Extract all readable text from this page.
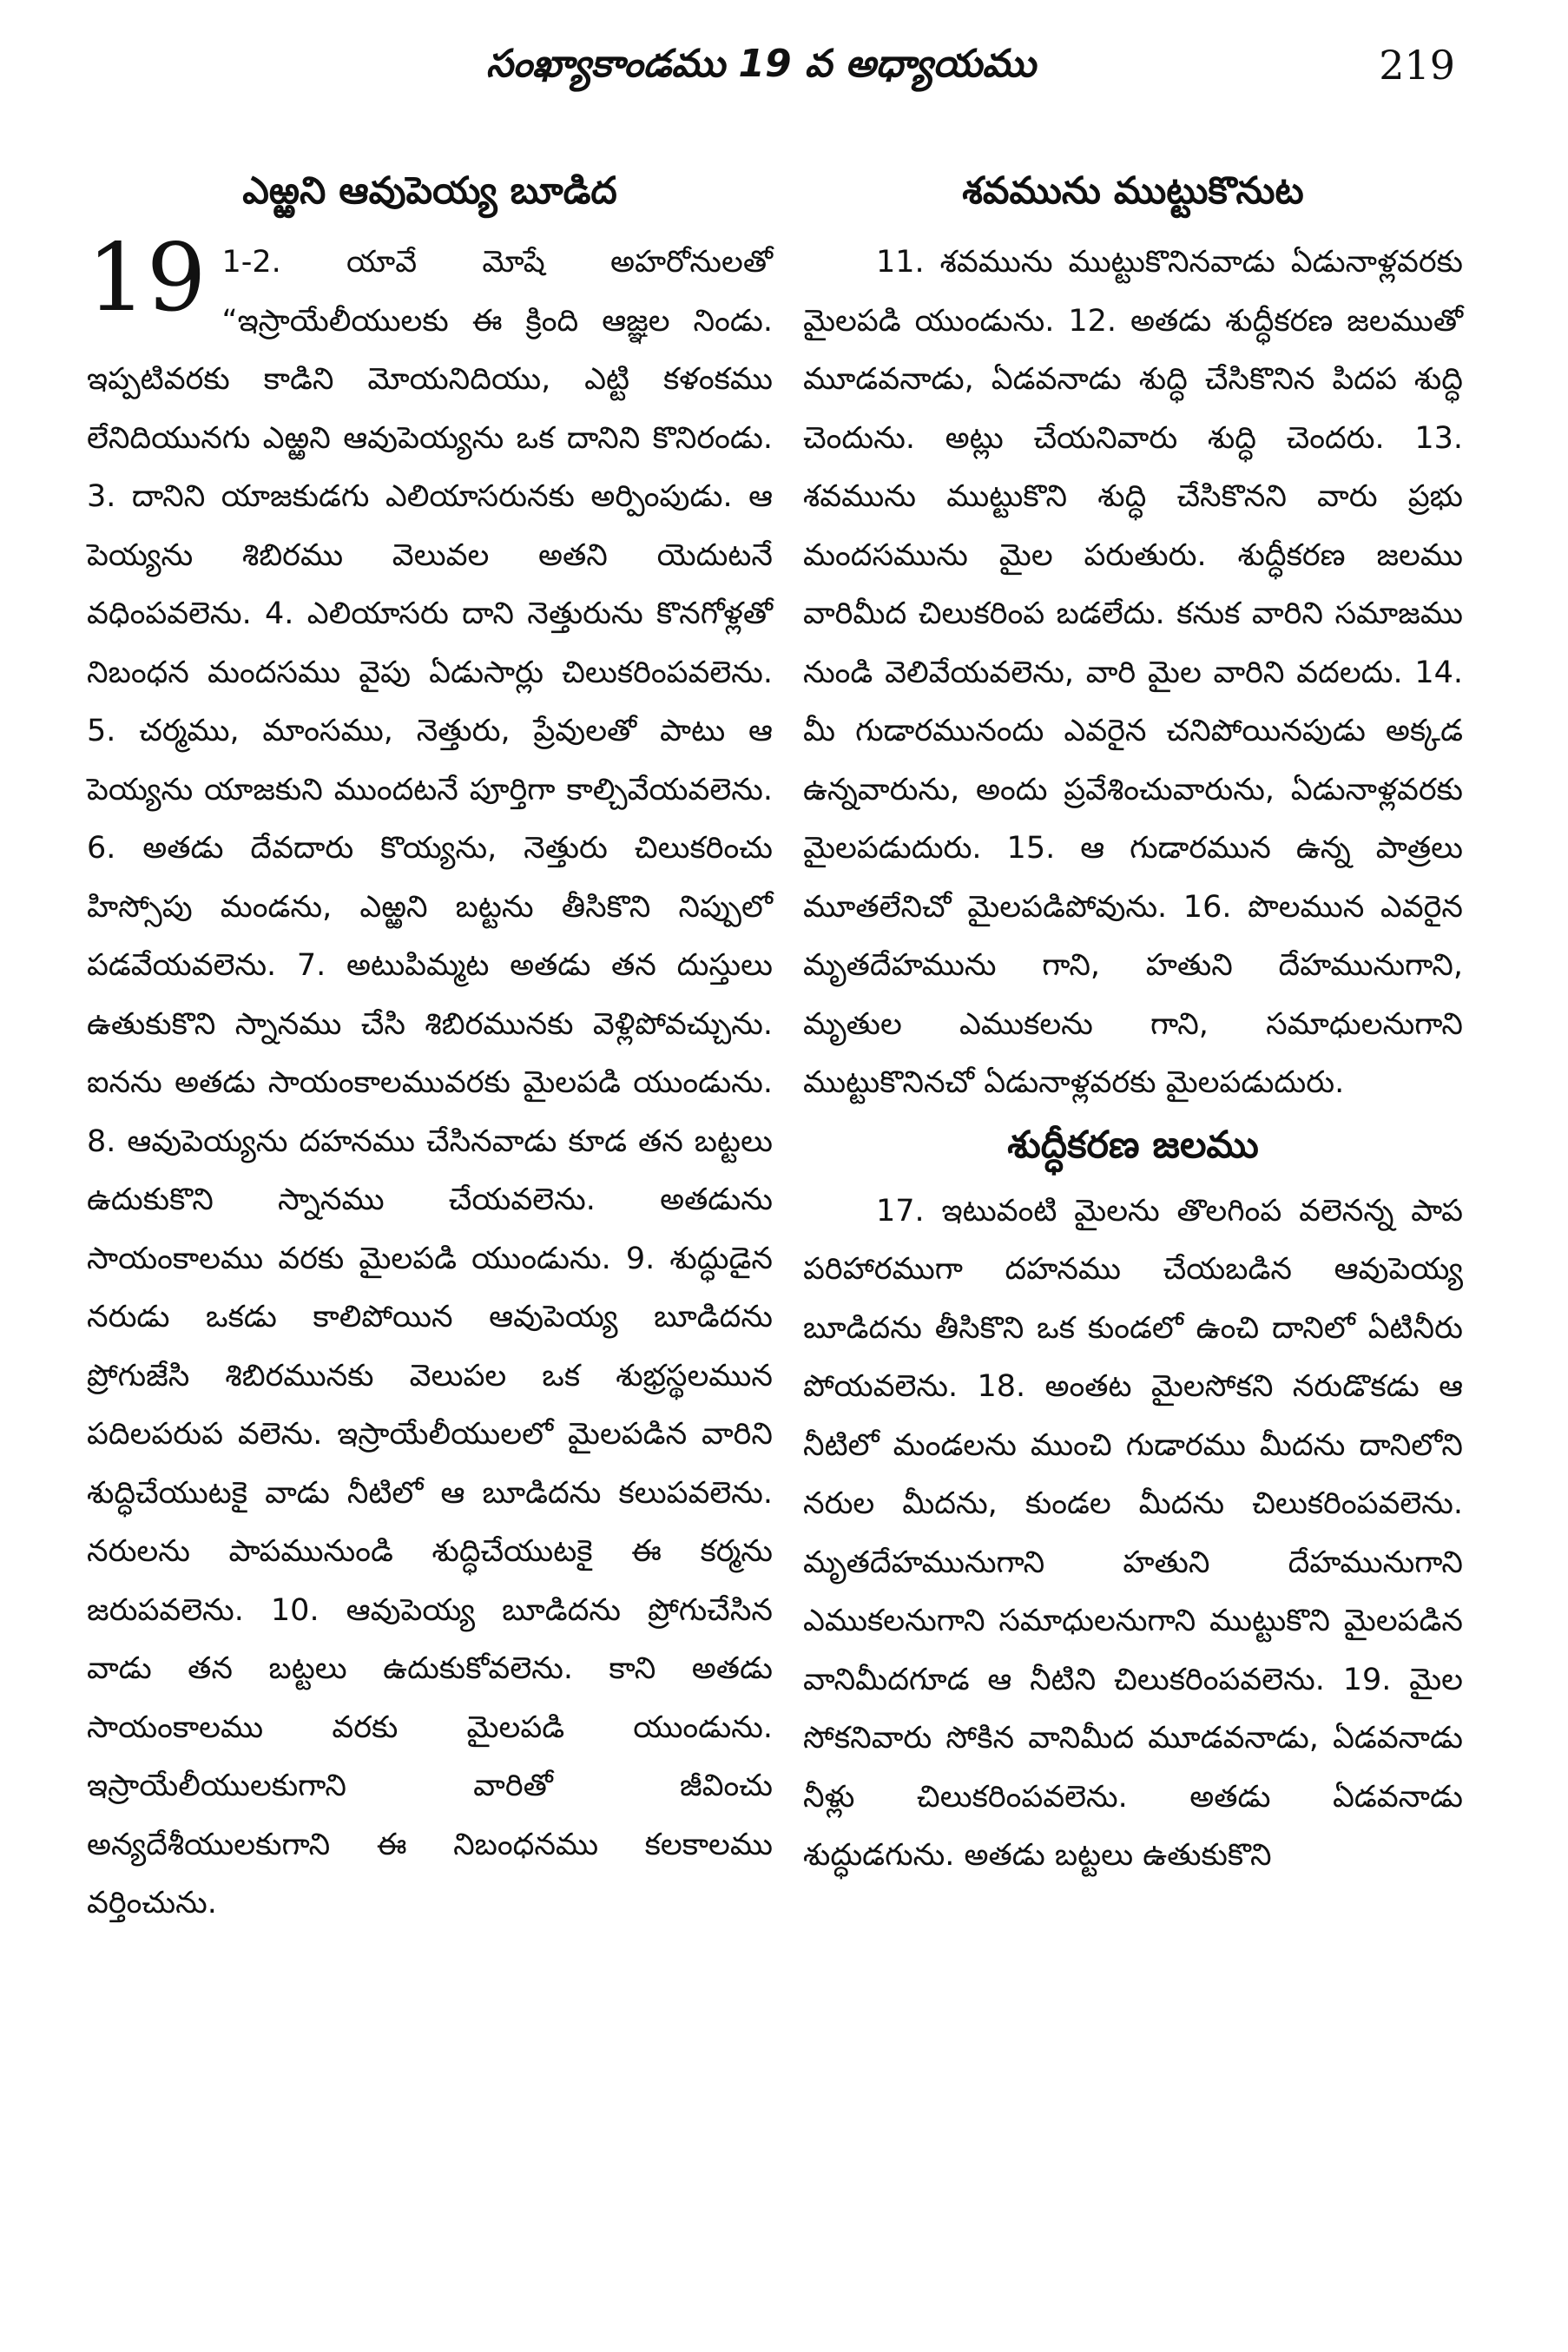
సంఖ్యాకాండము 19 వ అధ్యాయము	219
ఎఱ్ఱని ఆవుపెయ్య బూడిద

19 1-2. యావే మోషే అహరోనులతో “ఇస్రాయేలీయులకు ఈ క్రింది ఆజ్ఞల నిండు. ఇప్పటివరకు కాడిని మోయనిదియు, ఎట్టి కళంకము లేనిదియునగు ఎఱ్ఱని ఆవుపెయ్యను ఒక దానిని కొనిరండు. 3. దానిని యాజకుడగు ఎలియాసరునకు అర్పింపుడు. ఆ పెయ్యను శిబిరము వెలువల అతని యెదుటనే వధింపవలెను. 4. ఎలియాసరు దాని నెత్తురును కొనగోళ్లతో నిబంధన మందసము వైపు ఏడుసార్లు చిలుకరింపవలెను. 5. చర్మము, మాంసము, నెత్తురు, ప్రేవులతో పాటు ఆ పెయ్యను యాజకుని ముందటనే పూర్తిగా కాల్చివేయవలెను. 6. అతడు దేవదారు కొయ్యను, నెత్తురు చిలుకరించు హిస్సోపు మండను, ఎఱ్ఱని బట్టను తీసికొని నిప్పులో పడవేయవలెను. 7. అటుపిమ్మట అతడు తన దుస్తులు ఉతుకుకొని స్నానము చేసి శిబిరమునకు వెళ్లిపోవచ్చును. ఐనను అతడు సాయంకాలమువరకు మైలపడి యుండును. 8. ఆవుపెయ్యను దహనము చేసినవాడు కూడ తన బట్టలు ఉదుకుకొని స్నానము చేయవలెను. అతడును సాయంకాలము వరకు మైలపడి యుండును. 9. శుద్ధుడైన నరుడు ఒకడు కాలిపోయిన ఆవుపెయ్య బూడిదను ప్రోగుజేసి శిబిరమునకు వెలుపల ఒక శుభ్రస్థలమున పదిలపరుప వలెను. ఇస్రాయేలీయులలో మైలపడిన వారిని శుద్ధిచేయుటకై వాడు నీటిలో ఆ బూడిదను కలుపవలెను. నరులను పాపమునుండి శుద్ధిచేయుటకై ఈ కర్మను జరుపవలెను. 10. ఆవుపెయ్య బూడిదను ప్రోగుచేసిన వాడు తన బట్టలు ఉదుకుకోవలెను. కాని అతడు సాయంకాలము వరకు మైలపడి యుండును. ఇస్రాయేలీయులకుగాని వారితో జీవించు అన్యదేశీయులకుగాని ఈ నిబంధనము కలకాలము వర్తించును.

శవమును ముట్టుకొనుట

11. శవమును ముట్టుకొనినవాడు ఏడునాళ్లవరకు మైలపడి యుండును. 12. అతడు శుద్ధీకరణ జలముతో మూడవనాడు, ఏడవనాడు శుద్ధి చేసికొనిన పిదప శుద్ధి చెందును. అట్లు చేయనివారు శుద్ధి చెందరు. 13. శవమును ముట్టుకొని శుద్ధి చేసికొనని వారు ప్రభు మందసమును మైల పరుతురు. శుద్ధీకరణ జలము వారిమీద చిలుకరింప బడలేదు. కనుక వారిని సమాజము నుండి వెలివేయవలెను, వారి మైల వారిని వదలదు. 14. మీ గుడారమునందు ఎవరైన చనిపోయినపుడు అక్కడ ఉన్నవారును, అందు ప్రవేశించువారును, ఏడునాళ్లవరకు మైలపడుదురు. 15. ఆ గుడారమున ఉన్న పాత్రలు మూతలేనిచో మైలపడిపోవును. 16. పొలమున ఎవరైన మృతదేహమును గాని, హతుని దేహమునుగాని, మృతుల ఎముకలను గాని, సమాధులనుగాని ముట్టుకొనినచో ఏడునాళ్లవరకు మైలపడుదురు.

శుద్ధీకరణ జలము

17. ఇటువంటి మైలను తొలగింప వలెనన్న పాప పరిహారముగా దహనము చేయబడిన ఆవుపెయ్య బూడిదను తీసికొని ఒక కుండలో ఉంచి దానిలో ఏటినీరు పోయవలెను. 18. అంతట మైలసోకని నరుడొకడు ఆ నీటిలో మండలను ముంచి గుడారము మీదను దానిలోని నరుల మీదను, కుండల మీదను చిలుకరింపవలెను. మృతదేహమునుగాని హతుని దేహమునుగాని ఎముకలనుగాని సమాధులనుగాని ముట్టుకొని మైలపడిన వానిమీదగూడ ఆ నీటిని చిలుకరింపవలెను. 19. మైల సోకనివారు సోకిన వానిమీద మూడవనాడు, ఏడవనాడు నీళ్లు చిలుకరింపవలెను. అతడు ఏడవనాడు శుద్ధుడగును. అతడు బట్టలు ఉతుకుకొని
